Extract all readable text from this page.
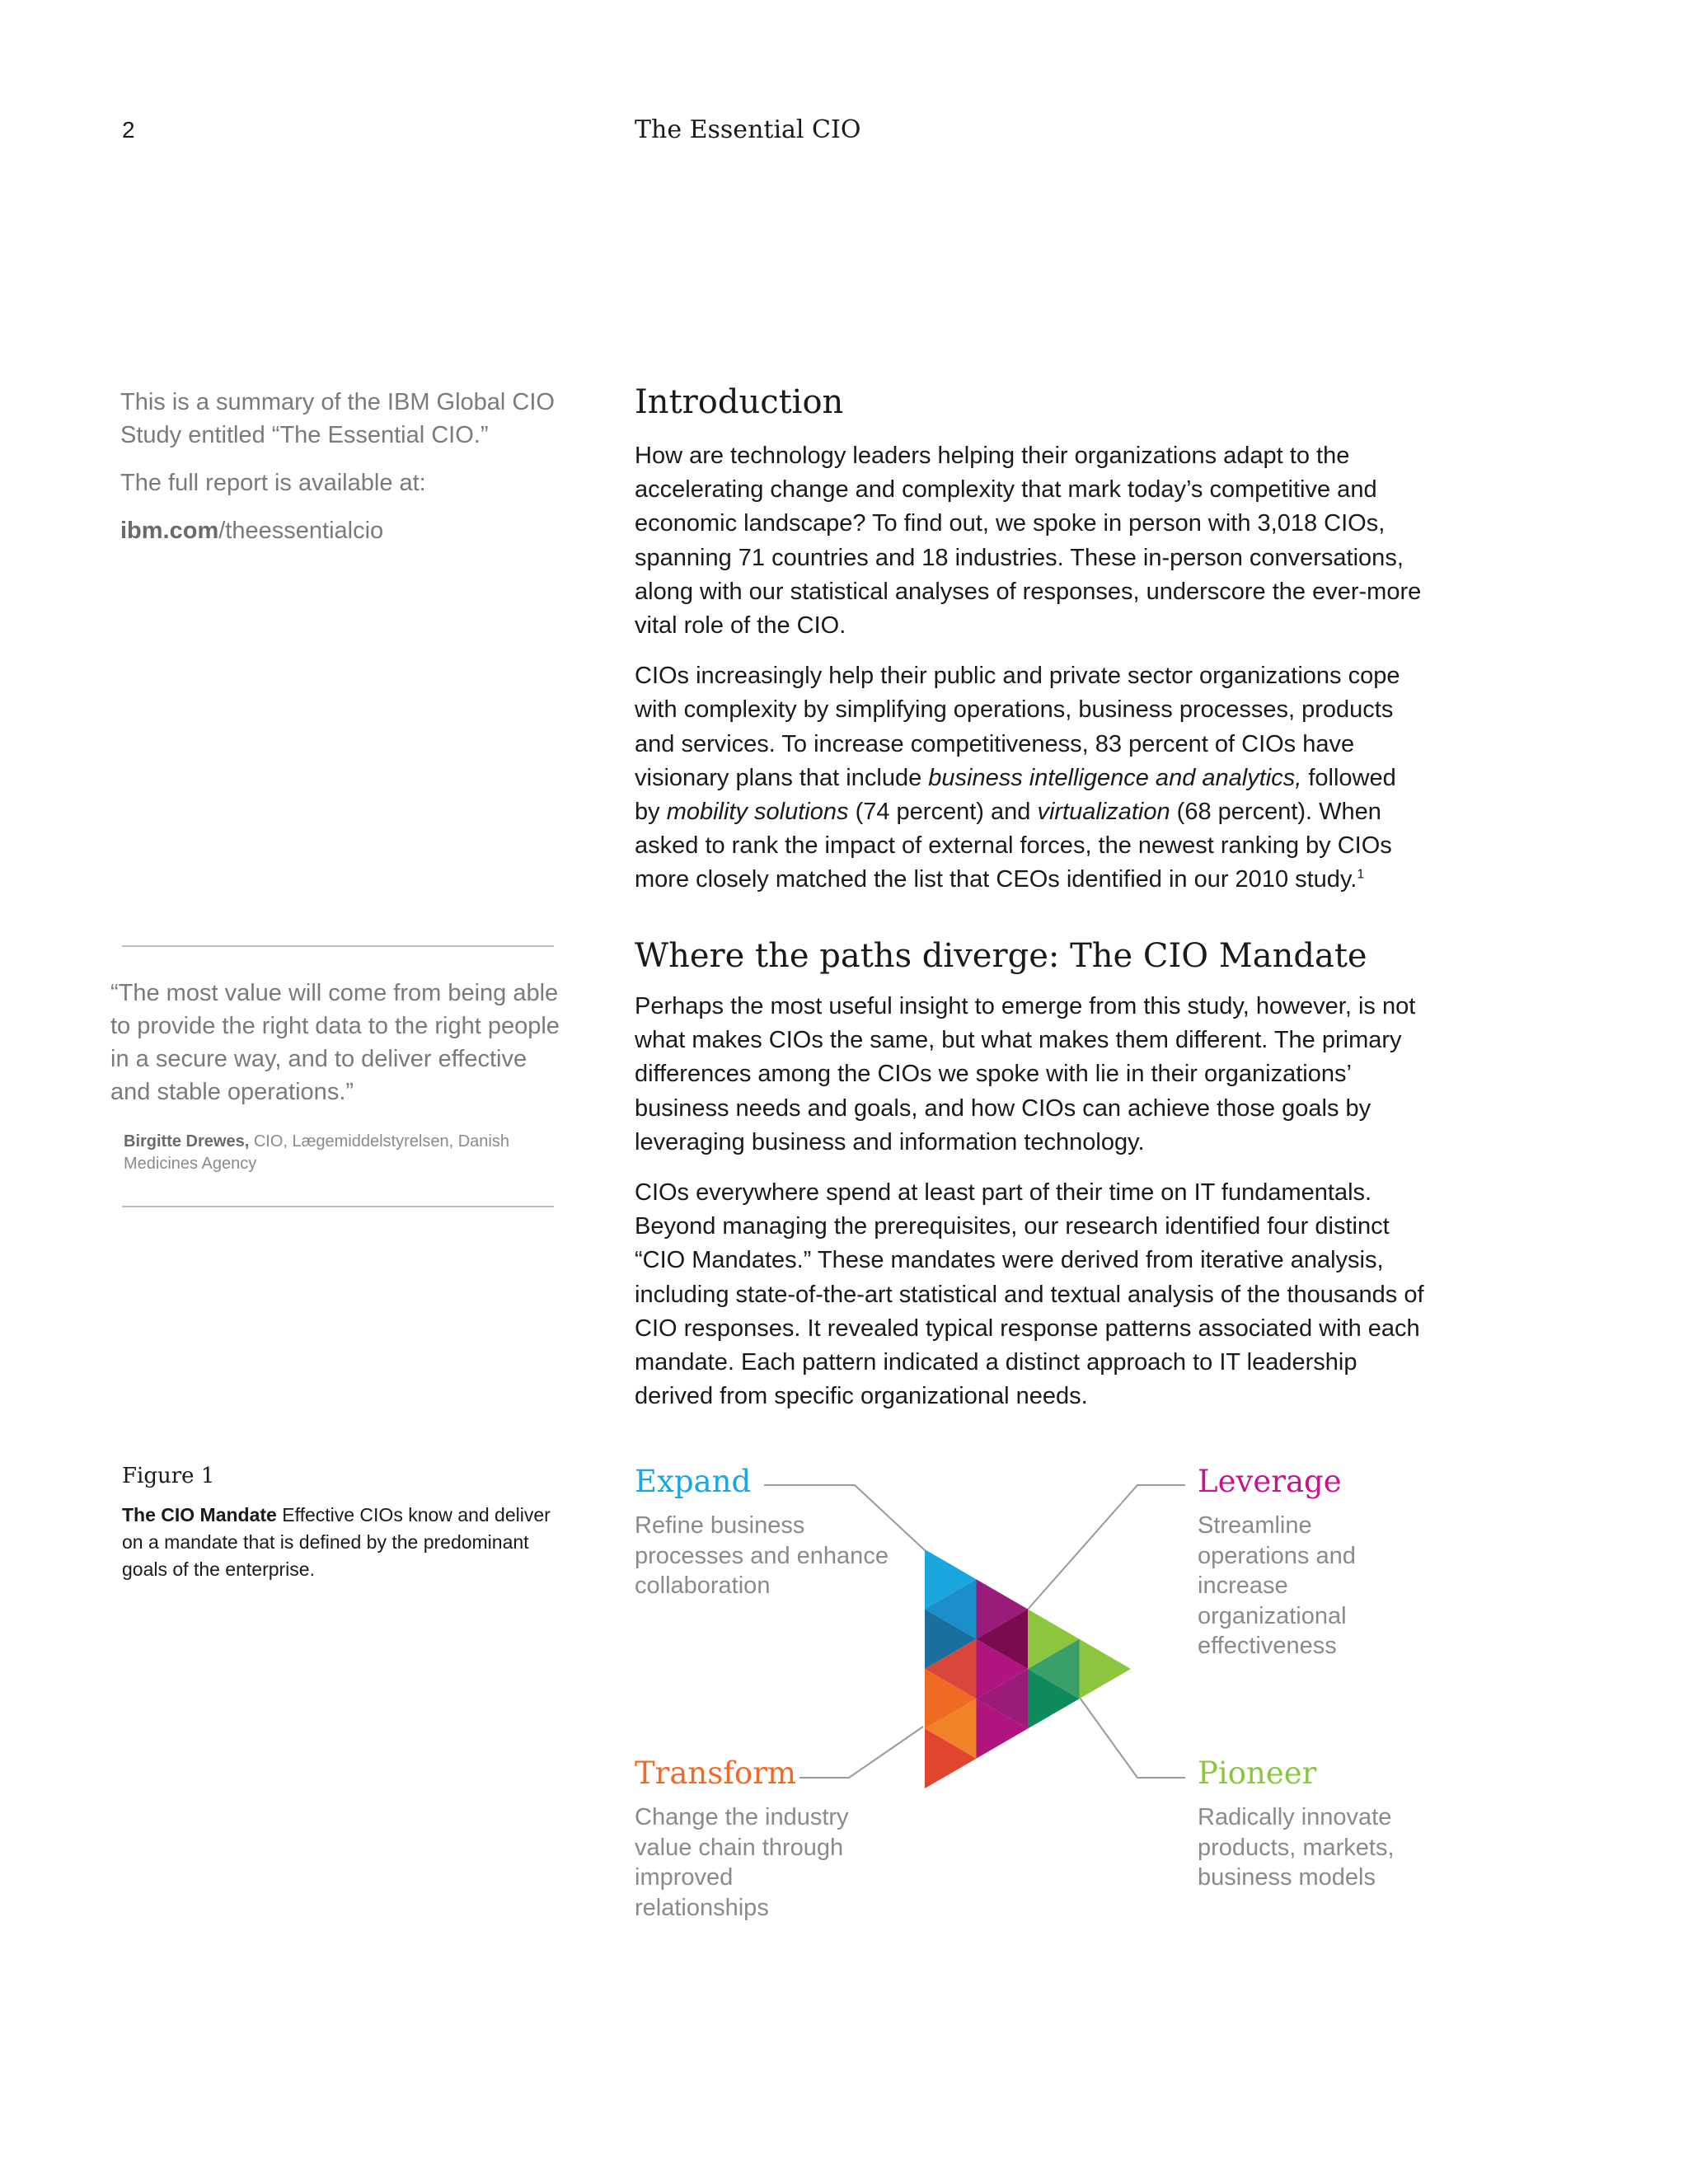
2	The Essential CIO

This is a summary of the IBM Global CIO Study entitled “The Essential CIO.”

The full report is available at:

ibm.com/theessentialcio

“The most value will come from being able to provide the right data to the right people in a secure way, and to deliver effective and stable operations.”
Birgitte Drewes, CIO, Lægemiddelstyrelsen, Danish Medicines Agency
Figure 1
The CIO Mandate Effective CIOs know and deliver on a mandate that is defined by the predominant goals of the enterprise.
Introduction

How are technology leaders helping their organizations adapt to the accelerating change and complexity that mark today’s competitive and economic landscape? To find out, we spoke in person with 3,018 CIOs, spanning 71 countries and 18 industries. These in-person conversations, along with our statistical analyses of responses, underscore the ever-more vital role of the CIO.

CIOs increasingly help their public and private sector organizations cope with complexity by simplifying operations, business processes, products and services. To increase competitiveness, 83 percent of CIOs have visionary plans that include business intelligence and analytics, followed by mobility solutions (74 percent) and virtualization (68 percent). When asked to rank the impact of external forces, the newest ranking by CIOs more closely matched the list that CEOs identified in our 2010 study.$^1$

Where the paths diverge: The CIO Mandate

Perhaps the most useful insight to emerge from this study, however, is not what makes CIOs the same, but what makes them different. The primary differences among the CIOs we spoke with lie in their organizations’ business needs and goals, and how CIOs can achieve those goals by leveraging business and information technology.

CIOs everywhere spend at least part of their time on IT fundamentals. Beyond managing the prerequisites, our research identified four distinct “CIO Mandates.” These mandates were derived from iterative analysis, including state-of-the-art statistical and textual analysis of the thousands of CIO responses. It revealed typical response patterns associated with each mandate. Each pattern indicated a distinct approach to IT leadership derived from specific organizational needs.

Expand
Refine business processes and enhance collaboration
Leverage
Streamline operations and increase organizational effectiveness
Transform
Change the industry value chain through improved relationships
Pioneer
Radically innovate products, markets, business models
